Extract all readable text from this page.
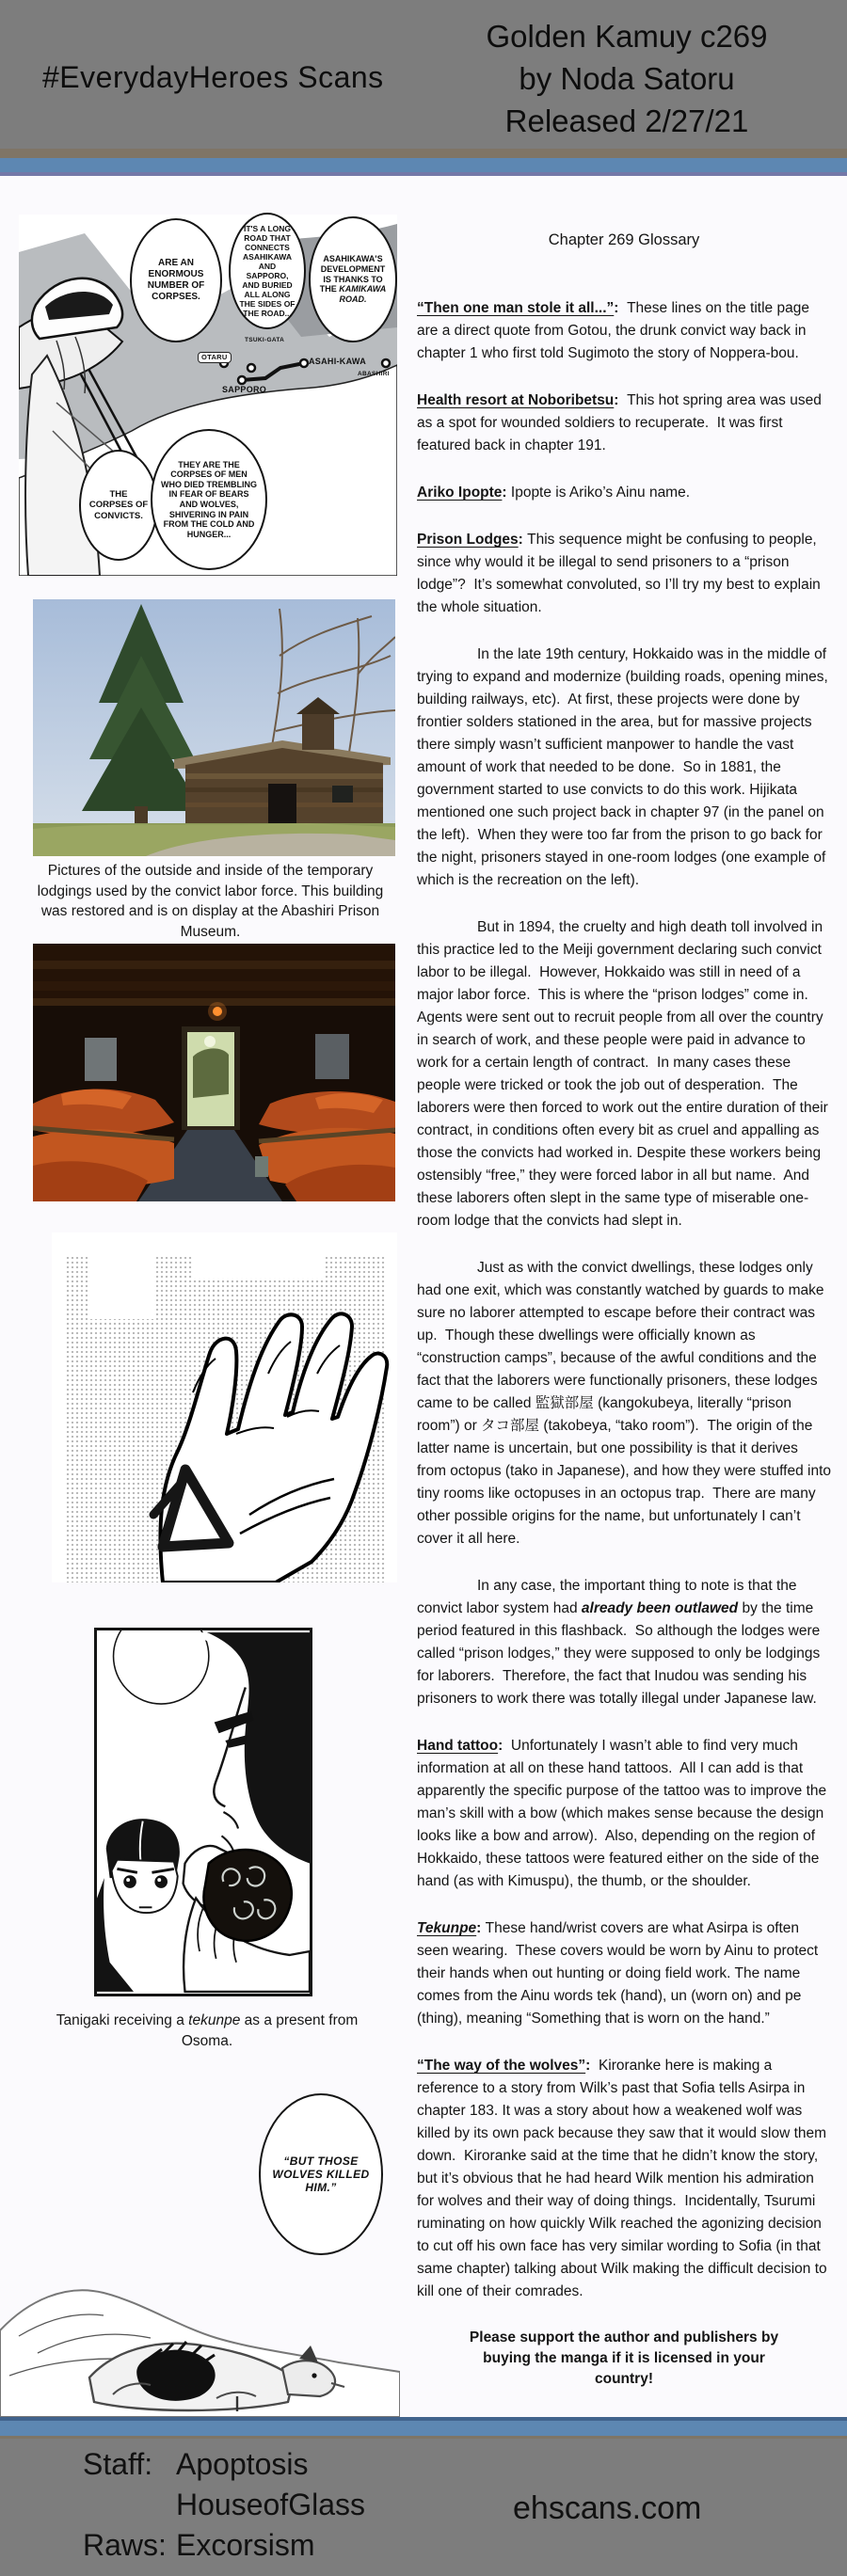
#EverydayHeroes Scans
Golden Kamuy c269
by Noda Satoru
Released 2/27/21
ARE AN ENORMOUS NUMBER OF CORPSES.
IT'S A LONG ROAD THAT CONNECTS ASAHIKAWA AND SAPPORO, AND BURIED ALL ALONG THE SIDES OF THE ROAD...
ASAHIKAWA'S DEVELOPMENT IS THANKS TO THE KAMIKAWA ROAD.
THE CORPSES OF CONVICTS.
THEY ARE THE CORPSES OF MEN WHO DIED TREMBLING IN FEAR OF BEARS AND WOLVES, SHIVERING IN PAIN FROM THE COLD AND HUNGER...
OTARU
TSUKI-GATA
ASAHI-KAWA
SAPPORO
ABASHIRI
Pictures of the outside and inside of the temporary lodgings used by the convict labor force. This building was restored and is on display at the Abashiri Prison Museum.
Tanigaki receiving a tekunpe as a present from Osoma.
“BUT THOSE WOLVES KILLED HIM.”
Chapter 269 Glossary

“Then one man stole it all...”:  These lines on the title page are a direct quote from Gotou, the drunk convict way back in chapter 1 who first told Sugimoto the story of Noppera-bou.

Health resort at Noboribetsu:  This hot spring area was used as a spot for wounded soldiers to recuperate.  It was first featured back in chapter 191.

Ariko Ipopte: Ipopte is Ariko’s Ainu name.

Prison Lodges: This sequence might be confusing to people, since why would it be illegal to send prisoners to a “prison lodge”?  It’s somewhat convoluted, so I’ll try my best to explain the whole situation.

In the late 19th century, Hokkaido was in the middle of trying to expand and modernize (building roads, opening mines, building railways, etc).  At first, these projects were done by frontier solders stationed in the area, but for massive projects there simply wasn’t sufficient manpower to handle the vast amount of work that needed to be done.  So in 1881, the government started to use convicts to do this work. Hijikata mentioned one such project back in chapter 97 (in the panel on the left).  When they were too far from the prison to go back for the night, prisoners stayed in one-room lodges (one example of which is the recreation on the left).

But in 1894, the cruelty and high death toll involved in this practice led to the Meiji government declaring such convict labor to be illegal.  However, Hokkaido was still in need of a major labor force.  This is where the “prison lodges” come in.  Agents were sent out to recruit people from all over the country in search of work, and these people were paid in advance to work for a certain length of contract.  In many cases these people were tricked or took the job out of desperation.  The laborers were then forced to work out the entire duration of their contract, in conditions often every bit as cruel and appalling as those the convicts had worked in. Despite these workers being ostensibly “free,” they were forced labor in all but name.  And these laborers often slept in the same type of miserable one-room lodge that the convicts had slept in.

Just as with the convict dwellings, these lodges only had one exit, which was constantly watched by guards to make sure no laborer attempted to escape before their contract was up.  Though these dwellings were officially known as “construction camps”, because of the awful conditions and the fact that the laborers were functionally prisoners, these lodges came to be called 監獄部屋 (kangokubeya, literally “prison room”) or タコ部屋 (takobeya, “tako room”).  The origin of the latter name is uncertain, but one possibility is that it derives from octopus (tako in Japanese), and how they were stuffed into tiny rooms like octopuses in an octopus trap.  There are many other possible origins for the name, but unfortunately I can’t cover it all here.

In any case, the important thing to note is that the convict labor system had already been outlawed by the time period featured in this flashback.  So although the lodges were called “prison lodges,” they were supposed to only be lodgings for laborers.  Therefore, the fact that Inudou was sending his prisoners to work there was totally illegal under Japanese law.

Hand tattoo:  Unfortunately I wasn’t able to find very much information at all on these hand tattoos.  All I can add is that apparently the specific purpose of the tattoo was to improve the man’s skill with a bow (which makes sense because the design looks like a bow and arrow).  Also, depending on the region of Hokkaido, these tattoos were featured either on the side of the hand (as with Kimuspu), the thumb, or the shoulder.

Tekunpe: These hand/wrist covers are what Asirpa is often seen wearing.  These covers would be worn by Ainu to protect their hands when out hunting or doing field work. The name comes from the Ainu words tek (hand), un (worn on) and pe (thing), meaning “Something that is worn on the hand.”

“The way of the wolves”:  Kiroranke here is making a reference to a story from Wilk’s past that Sofia tells Asirpa in chapter 183. It was a story about how a weakened wolf was killed by its own pack because they saw that it would slow them down.  Kiroranke said at the time that he didn’t know the story, but it’s obvious that he had heard Wilk mention his admiration for wolves and their way of doing things.  Incidentally, Tsurumi ruminating on how quickly Wilk reached the agonizing decision to cut off his own face has very similar wording to Sofia (in that same chapter) talking about Wilk making the difficult decision to kill one of their comrades.

Please support the author and publishers by buying the manga if it is licensed in your country!
Staff: Apoptosis
HouseofGlass
Raws: Excorsism
ehscans.com
